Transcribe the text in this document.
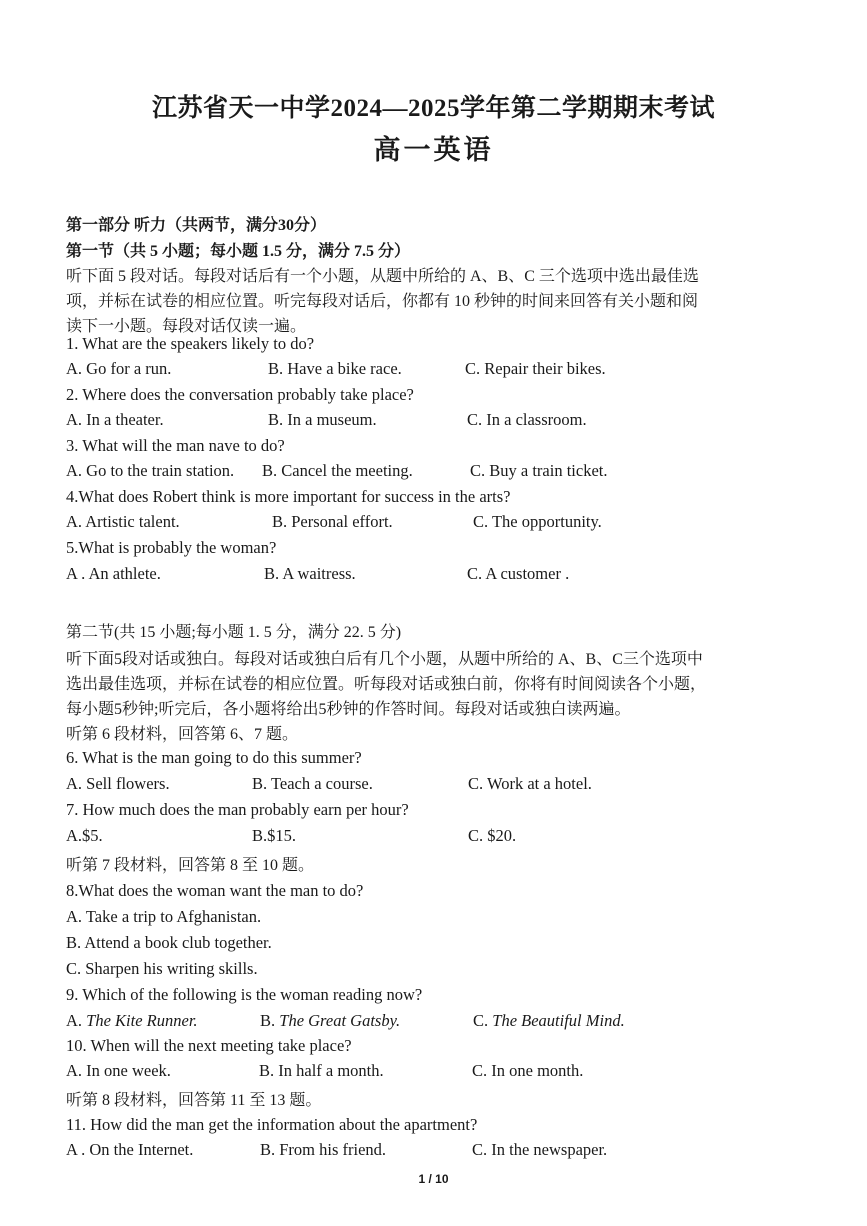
江苏省天一中学2024—2025学年第二学期期末考试
高一英语
第一部分 听力（共两节，满分30分）
第一节（共 5 小题；每小题 1.5 分，满分 7.5 分）
听下面 5 段对话。每段对话后有一个小题，从题中所给的 A、B、C 三个选项中选出最佳选
项，并标在试卷的相应位置。听完每段对话后，你都有 10 秒钟的时间来回答有关小题和阅
读下一小题。每段对话仅读一遍。
1. What are the speakers likely to do?
A. Go for a run.	B. Have a bike race.	C. Repair their bikes.
2. Where does the conversation probably take place?
A. In a theater.	B. In a museum.	C. In a classroom.
3. What will the man nave to do?
A. Go to the train station. B. Cancel the meeting.	C. Buy a train ticket.
4.What does Robert think is more important for success in the arts?
A. Artistic talent.	B. Personal effort.	C. The opportunity.
5.What is probably the woman?
A . An athlete.	B. A waitress.	C. A customer .
第二节(共 15 小题;每小题 1. 5 分，满分 22. 5 分)
听下面5段对话或独白。每段对话或独白后有几个小题，从题中所给的 A、B、C三个选项中
选出最佳选项，并标在试卷的相应位置。听每段对话或独白前，你将有时间阅读各个小题，
每小题5秒钟;听完后，各小题将给出5秒钟的作答时间。每段对话或独白读两遍。
听第 6 段材料，回答第 6、7 题。
6. What is the man going to do this summer?
A. Sell flowers.	B. Teach a course.	C. Work at a hotel.
7. How much does the man probably earn per hour?
A.$5.	B.$15.	C. $20.
听第 7 段材料，回答第 8 至 10 题。
8.What does the woman want the man to do?
A. Take a trip to Afghanistan.
B. Attend a book club together.
C. Sharpen his writing skills.
9. Which of the following is the woman reading now?
A. The Kite Runner.	B. The Great Gatsby.	C. The Beautiful Mind.
10. When will the next meeting take place?
A. In one week.	B. In half a month.	C. In one month.
听第 8 段材料，回答第 11 至 13 题。
11. How did the man get the information about the apartment?
A . On the Internet.	B. From his friend.	C. In the newspaper.
1 / 10
